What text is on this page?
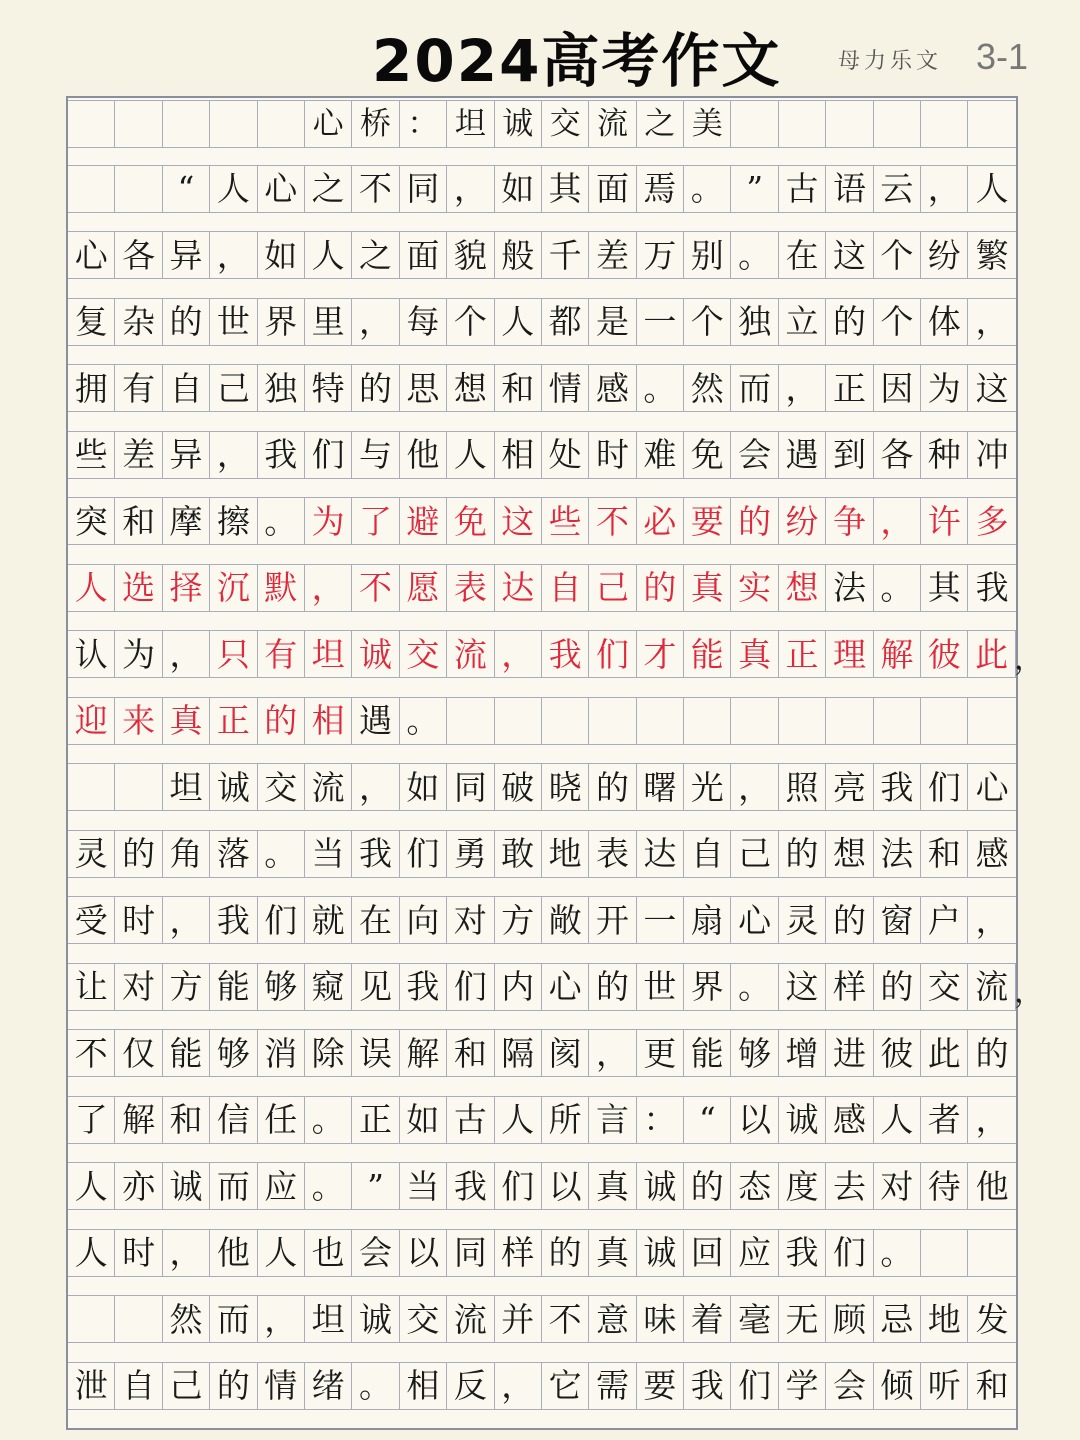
2024高考作文	母力乐文 3-1
心 桥 ： 坦 诚 交 流 之 美
“ 人 心 之 不 同 ， 如 其 面 焉 。 ” 古 语 云 ， 人
心 各 异 ， 如 人 之 面 貌 般 千 差 万 别 。 在 这 个 纷 繁
复 杂 的 世 界 里 ， 每 个 人 都 是 一 个 独 立 的 个 体 ，
拥 有 自 己 独 特 的 思 想 和 情 感 。 然 而 ， 正 因 为 这
些 差 异 ， 我 们 与 他 人 相 处 时 难 免 会 遇 到 各 种 冲
突 和 摩 擦 。 为 了 避 免 这 些 不 必 要 的 纷 争 ， 许 多
人 选 择 沉 默 ， 不 愿 表 达 自 己 的 真 实 想 法 。 其 我
认 为 ， 只 有 坦 诚 交 流 ， 我 们 才 能 真 正 理 解 彼 此 ，
迎 来 真 正 的 相 遇 。
坦 诚 交 流 ， 如 同 破 晓 的 曙 光 ， 照 亮 我 们 心
灵 的 角 落 。 当 我 们 勇 敢 地 表 达 自 己 的 想 法 和 感
受 时 ， 我 们 就 在 向 对 方 敞 开 一 扇 心 灵 的 窗 户 ，
让 对 方 能 够 窥 见 我 们 内 心 的 世 界 。 这 样 的 交 流 ，
不 仅 能 够 消 除 误 解 和 隔 阂 ， 更 能 够 增 进 彼 此 的
了 解 和 信 任 。 正 如 古 人 所 言 ： “ 以 诚 感 人 者 ，
人 亦 诚 而 应 。 ” 当 我 们 以 真 诚 的 态 度 去 对 待 他
人 时 ， 他 人 也 会 以 同 样 的 真 诚 回 应 我 们 。
然 而 ， 坦 诚 交 流 并 不 意 味 着 毫 无 顾 忌 地 发
泄 自 己 的 情 绪 。 相 反 ， 它 需 要 我 们 学 会 倾 听 和
